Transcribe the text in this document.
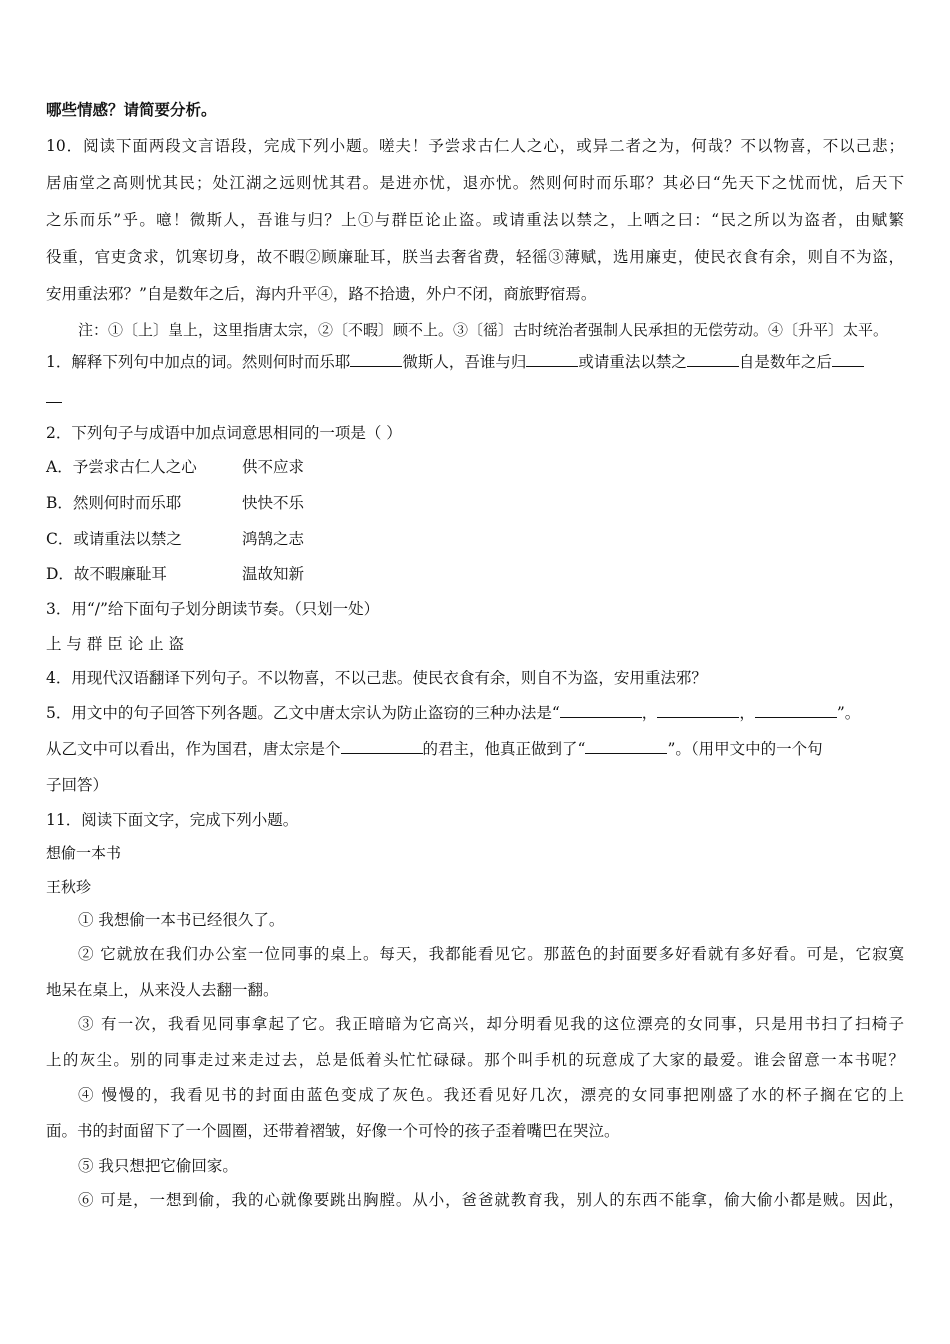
哪些情感？请简要分析。
10．阅读下面两段文言语段，完成下列小题。嗟夫！予尝求古仁人之心，或异二者之为，何哉？不以物喜，不以己悲；
居庙堂之高则忧其民；处江湖之远则忧其君。是进亦忧，退亦忧。然则何时而乐耶？其必曰“先天下之忧而忧，后天下
之乐而乐”乎。噫！微斯人，吾谁与归？上①与群臣论止盗。或请重法以禁之，上哂之曰：“民之所以为盗者，由赋繁
役重，官吏贪求，饥寒切身，故不暇②顾廉耻耳，朕当去奢省费，轻徭③薄赋，选用廉吏，使民衣食有余，则自不为盗，
安用重法邪？”自是数年之后，海内升平④，路不拾遗，外户不闭，商旅野宿焉。
注：①〔上〕皇上，这里指唐太宗，②〔不暇〕顾不上。③〔徭〕古时统治者强制人民承担的无偿劳动。④〔升平〕太平。
1．解释下列句中加点的词。然则何时而乐耶	微斯人，吾谁与归	或请重法以禁之	自是数年之后
2．下列句子与成语中加点词意思相同的一项是（ ）
A．予尝求古仁人之心	供不应求
B．然则何时而乐耶	快快不乐
C．或请重法以禁之	鸿鹄之志
D．故不暇廉耻耳	温故知新
3．用“/”给下面句子划分朗读节奏。（只划一处）
上 与 群 臣 论 止 盗
4．用现代汉语翻译下列句子。不以物喜，不以己悲。使民衣食有余，则自不为盗，安用重法邪？
5．用文中的句子回答下列各题。乙文中唐太宗认为防止盗窃的三种办法是“	，	，	”。
从乙文中可以看出，作为国君，唐太宗是个	的君主，他真正做到了“	”。（用甲文中的一个句
子回答）
11．阅读下面文字，完成下列小题。
想偷一本书
王秋珍
① 我想偷一本书已经很久了。
② 它就放在我们办公室一位同事的桌上。每天，我都能看见它。那蓝色的封面要多好看就有多好看。可是，它寂寞
地呆在桌上，从来没人去翻一翻。
③ 有一次，我看见同事拿起了它。我正暗暗为它高兴，却分明看见我的这位漂亮的女同事，只是用书扫了扫椅子
上的灰尘。别的同事走过来走过去，总是低着头忙忙碌碌。那个叫手机的玩意成了大家的最爱。谁会留意一本书呢？
④ 慢慢的，我看见书的封面由蓝色变成了灰色。我还看见好几次，漂亮的女同事把刚盛了水的杯子搁在它的上
面。书的封面留下了一个圆圈，还带着褶皱，好像一个可怜的孩子歪着嘴巴在哭泣。
⑤ 我只想把它偷回家。
⑥ 可是，一想到偷，我的心就像要跳出胸膛。从小，爸爸就教育我，别人的东西不能拿，偷大偷小都是贼。因此，
